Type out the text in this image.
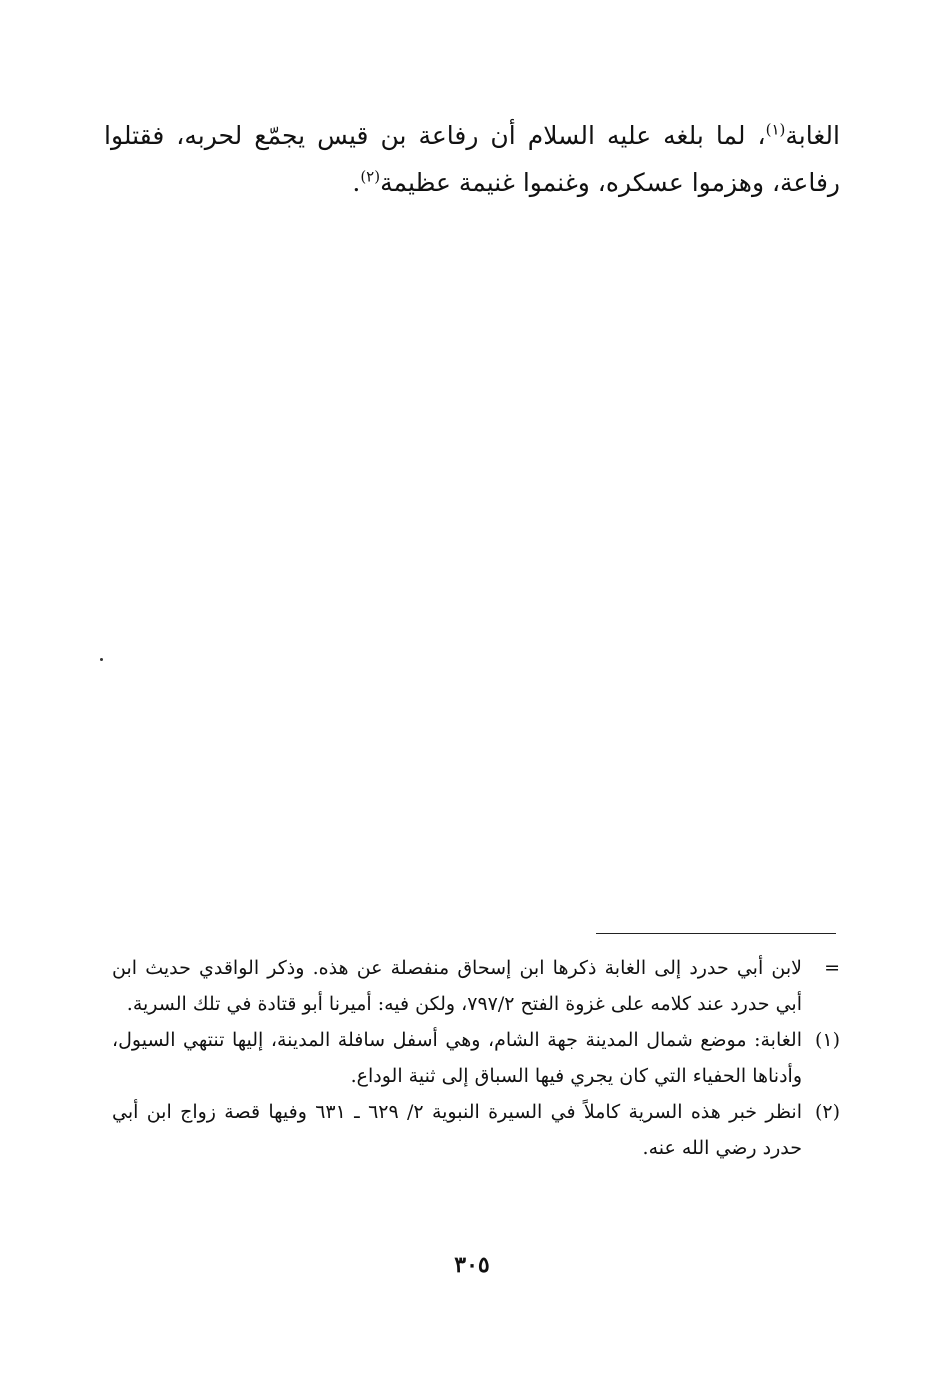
الغابة$^{(١)}$، لما بلغه عليه السلام أن رفاعة بن قيس يجمّع لحربه، فقتلوا رفاعة، وهزموا عسكره، وغنموا غنيمة عظيمة$^{(٢)}$.

=
لابن أبي حدرد إلى الغابة ذكرها ابن إسحاق منفصلة عن هذه. وذكر الواقدي حديث ابن أبي حدرد عند كلامه على غزوة الفتح ٧٩٧/٢، ولكن فيه: أميرنا أبو قتادة في تلك السرية.

(١)
الغابة: موضع شمال المدينة جهة الشام، وهي أسفل سافلة المدينة، إليها تنتهي السيول، وأدناها الحفياء التي كان يجري فيها السباق إلى ثنية الوداع.

(٢)
انظر خبر هذه السرية كاملاً في السيرة النبوية ٢/ ٦٢٩ ـ ٦٣١ وفيها قصة زواج ابن أبي حدرد رضي الله عنه.

٣٠٥
